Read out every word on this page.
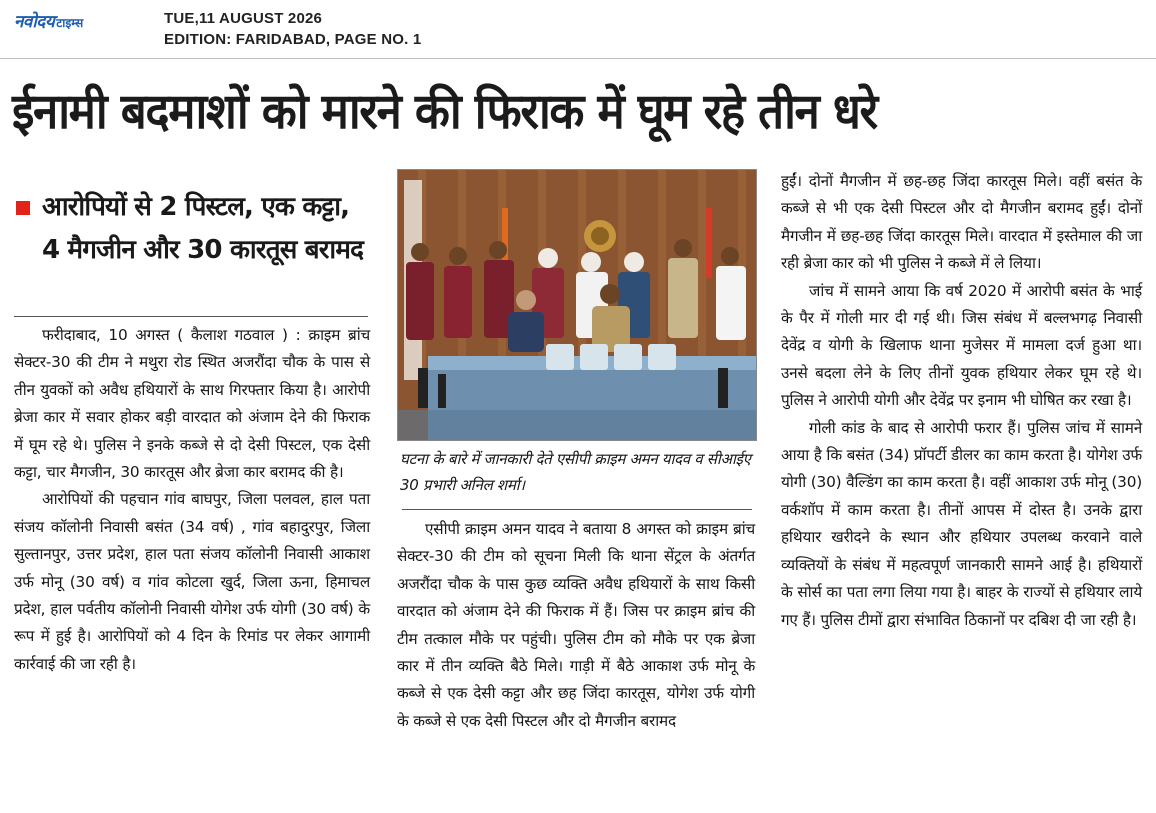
नवोदय टाइम्स	TUE,11 AUGUST 2026
EDITION: FARIDABAD, PAGE NO. 1
ईनामी बदमाशों को मारने की फिराक में घूम रहे तीन धरे
आरोपियों से 2 पिस्टल, एक कट्टा, 4 मैगजीन और 30 कारतूस बरामद

फरीदाबाद, 10 अगस्त ( कैलाश गठवाल ) : क्राइम ब्रांच सेक्टर-30 की टीम ने मथुरा रोड स्थित अजरौंदा चौक के पास से तीन युवकों को अवैध हथियारों के साथ गिरफ्तार किया है। आरोपी ब्रेजा कार में सवार होकर बड़ी वारदात को अंजाम देने की फिराक में घूम रहे थे। पुलिस ने इनके कब्जे से दो देसी पिस्टल, एक देसी कट्टा, चार मैगजीन, 30 कारतूस और ब्रेजा कार बरामद की है।

आरोपियों की पहचान गांव बाघपुर, जिला पलवल, हाल पता संजय कॉलोनी निवासी बसंत (34 वर्ष) , गांव बहादुरपुर, जिला सुल्तानपुर, उत्तर प्रदेश, हाल पता संजय कॉलोनी निवासी आकाश उर्फ मोनू (30 वर्ष) व गांव कोटला खुर्द, जिला ऊना, हिमाचल प्रदेश, हाल पर्वतीय कॉलोनी निवासी योगेश उर्फ योगी (30 वर्ष) के रूप में हुई है। आरोपियों को 4 दिन के रिमांड पर लेकर आगामी कार्रवाई की जा रही है।

घटना के बारे में जानकारी देते एसीपी क्राइम अमन यादव व सीआईए 30 प्रभारी अनिल शर्मा।

एसीपी क्राइम अमन यादव ने बताया 8 अगस्त को क्राइम ब्रांच सेक्टर-30 की टीम को सूचना मिली कि थाना सेंट्रल के अंतर्गत अजरौंदा चौक के पास कुछ व्यक्ति अवैध हथियारों के साथ किसी वारदात को अंजाम देने की फिराक में हैं। जिस पर क्राइम ब्रांच की टीम तत्काल मौके पर पहुंची। पुलिस टीम को मौके पर एक ब्रेजा कार में तीन व्यक्ति बैठे मिले। गाड़ी में बैठे आकाश उर्फ मोनू के कब्जे से एक देसी कट्टा और छह जिंदा कारतूस, योगेश उर्फ योगी के कब्जे से एक देसी पिस्टल और दो मैगजीन बरामद

हुईं। दोनों मैगजीन में छह-छह जिंदा कारतूस मिले। वहीं बसंत के कब्जे से भी एक देसी पिस्टल और दो मैगजीन बरामद हुईं। दोनों मैगजीन में छह-छह जिंदा कारतूस मिले। वारदात में इस्तेमाल की जा रही ब्रेजा कार को भी पुलिस ने कब्जे में ले लिया।

जांच में सामने आया कि वर्ष 2020 में आरोपी बसंत के भाई के पैर में गोली मार दी गई थी। जिस संबंध में बल्लभगढ़ निवासी देवेंद्र व योगी के खिलाफ थाना मुजेसर में मामला दर्ज हुआ था। उनसे बदला लेने के लिए तीनों युवक हथियार लेकर घूम रहे थे। पुलिस ने आरोपी योगी और देवेंद्र पर इनाम भी घोषित कर रखा है।

गोली कांड के बाद से आरोपी फरार हैं। पुलिस जांच में सामने आया है कि बसंत (34) प्रॉपर्टी डीलर का काम करता है। योगेश उर्फ योगी (30) वैल्डिंग का काम करता है। वहीं आकाश उर्फ मोनू (30) वर्कशॉप में काम करता है। तीनों आपस में दोस्त है। उनके द्वारा हथियार खरीदने के स्थान और हथियार उपलब्ध करवाने वाले व्यक्तियों के संबंध में महत्वपूर्ण जानकारी सामने आई है। हथियारों के सोर्स का पता लगा लिया गया है। बाहर के राज्यों से हथियार लाये गए हैं। पुलिस टीमों द्वारा संभावित ठिकानों पर दबिश दी जा रही है।
